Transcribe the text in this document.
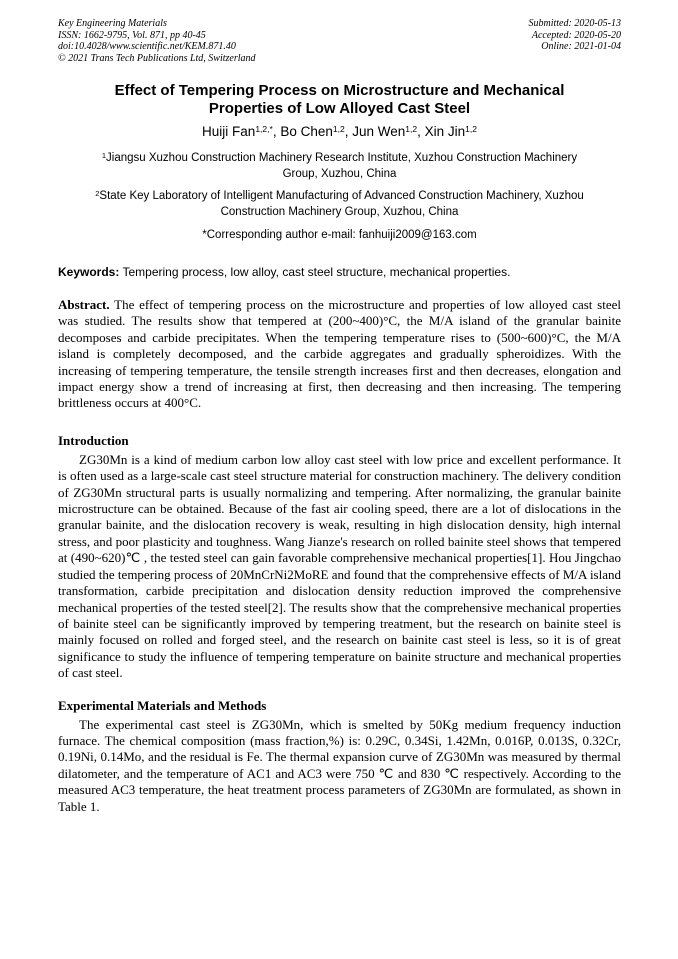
Key Engineering Materials
ISSN: 1662-9795, Vol. 871, pp 40-45
doi:10.4028/www.scientific.net/KEM.871.40
© 2021 Trans Tech Publications Ltd, Switzerland
Submitted: 2020-05-13
Accepted: 2020-05-20
Online: 2021-01-04
Effect of Tempering Process on Microstructure and Mechanical Properties of Low Alloyed Cast Steel
Huiji Fan$^{1,2,*}$, Bo Chen$^{1,2}$, Jun Wen$^{1,2}$, Xin Jin$^{1,2}$
$^1$Jiangsu Xuzhou Construction Machinery Research Institute, Xuzhou Construction Machinery Group, Xuzhou, China
$^2$State Key Laboratory of Intelligent Manufacturing of Advanced Construction Machinery, Xuzhou Construction Machinery Group, Xuzhou, China
*Corresponding author e-mail: fanhuiji2009@163.com
Keywords: Tempering process, low alloy, cast steel structure, mechanical properties.

Abstract. The effect of tempering process on the microstructure and properties of low alloyed cast steel was studied. The results show that tempered at (200~400)°C, the M/A island of the granular bainite decomposes and carbide precipitates. When the tempering temperature rises to (500~600)°C, the M/A island is completely decomposed, and the carbide aggregates and gradually spheroidizes. With the increasing of tempering temperature, the tensile strength increases first and then decreases, elongation and impact energy show a trend of increasing at first, then decreasing and then increasing. The tempering brittleness occurs at 400°C.

Introduction

ZG30Mn is a kind of medium carbon low alloy cast steel with low price and excellent performance. It is often used as a large-scale cast steel structure material for construction machinery. The delivery condition of ZG30Mn structural parts is usually normalizing and tempering. After normalizing, the granular bainite microstructure can be obtained. Because of the fast air cooling speed, there are a lot of dislocations in the granular bainite, and the dislocation recovery is weak, resulting in high dislocation density, high internal stress, and poor plasticity and toughness. Wang Jianze's research on rolled bainite steel shows that tempered at (490~620)℃ , the tested steel can gain favorable comprehensive mechanical properties[1]. Hou Jingchao studied the tempering process of 20MnCrNi2MoRE and found that the comprehensive effects of M/A island transformation, carbide precipitation and dislocation density reduction improved the comprehensive mechanical properties of the tested steel[2]. The results show that the comprehensive mechanical properties of bainite steel can be significantly improved by tempering treatment, but the research on bainite steel is mainly focused on rolled and forged steel, and the research on bainite cast steel is less, so it is of great significance to study the influence of tempering temperature on bainite structure and mechanical properties of cast steel.

Experimental Materials and Methods

The experimental cast steel is ZG30Mn, which is smelted by 50Kg medium frequency induction furnace. The chemical composition (mass fraction,%) is: 0.29C, 0.34Si, 1.42Mn, 0.016P, 0.013S, 0.32Cr, 0.19Ni, 0.14Mo, and the residual is Fe. The thermal expansion curve of ZG30Mn was measured by thermal dilatometer, and the temperature of AC1 and AC3 were 750 ℃ and 830 ℃ respectively. According to the measured AC3 temperature, the heat treatment process parameters of ZG30Mn are formulated, as shown in Table 1.
